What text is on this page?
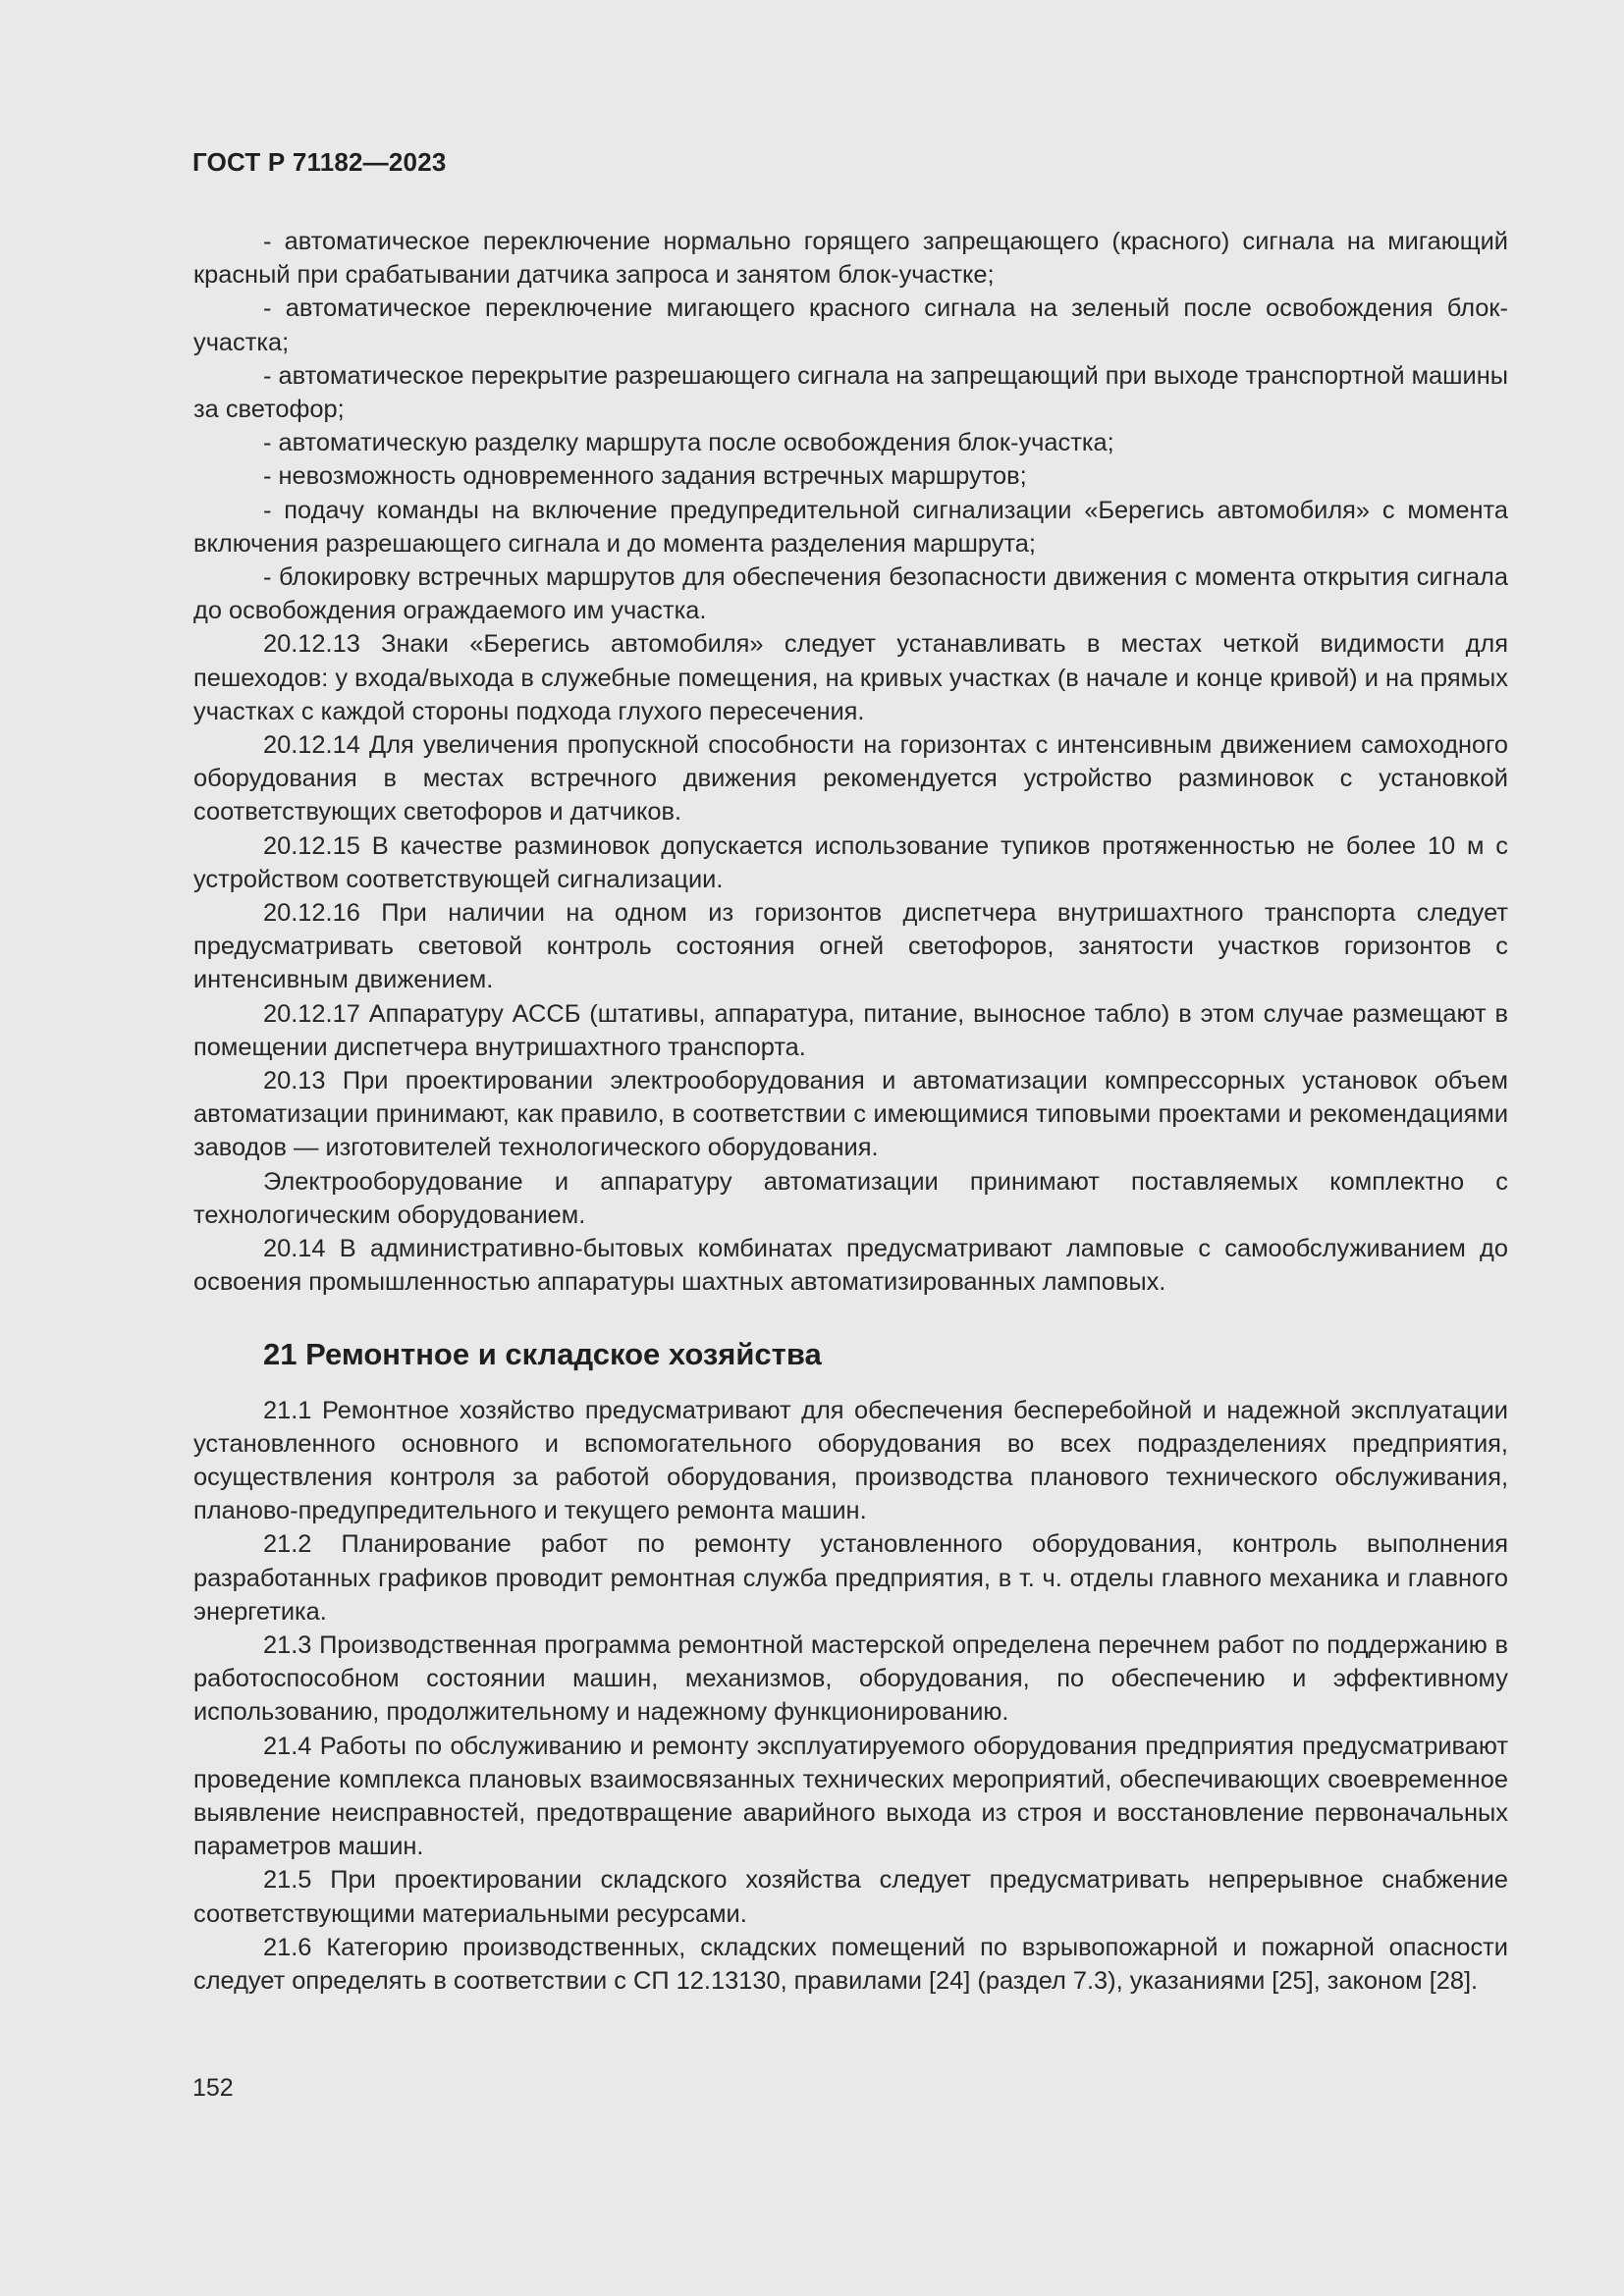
ГОСТ Р 71182—2023

- автоматическое переключение нормально горящего запрещающего (красного) сигнала на мигающий красный при срабатывании датчика запроса и занятом блок-участке;

- автоматическое переключение мигающего красного сигнала на зеленый после освобождения блок-участка;

- автоматическое перекрытие разрешающего сигнала на запрещающий при выходе транспортной машины за светофор;

- автоматическую разделку маршрута после освобождения блок-участка;

- невозможность одновременного задания встречных маршрутов;

- подачу команды на включение предупредительной сигнализации «Берегись автомобиля» с момента включения разрешающего сигнала и до момента разделения маршрута;

- блокировку встречных маршрутов для обеспечения безопасности движения с момента открытия сигнала до освобождения ограждаемого им участка.

20.12.13 Знаки «Берегись автомобиля» следует устанавливать в местах четкой видимости для пешеходов: у входа/выхода в служебные помещения, на кривых участках (в начале и конце кривой) и на прямых участках с каждой стороны подхода глухого пересечения.

20.12.14 Для увеличения пропускной способности на горизонтах с интенсивным движением самоходного оборудования в местах встречного движения рекомендуется устройство разминовок с установкой соответствующих светофоров и датчиков.

20.12.15 В качестве разминовок допускается использование тупиков протяженностью не более 10 м с устройством соответствующей сигнализации.

20.12.16 При наличии на одном из горизонтов диспетчера внутришахтного транспорта следует предусматривать световой контроль состояния огней светофоров, занятости участков горизонтов с интенсивным движением.

20.12.17 Аппаратуру АССБ (штативы, аппаратура, питание, выносное табло) в этом случае размещают в помещении диспетчера внутришахтного транспорта.

20.13 При проектировании электрооборудования и автоматизации компрессорных установок объем автоматизации принимают, как правило, в соответствии с имеющимися типовыми проектами и рекомендациями заводов — изготовителей технологического оборудования.

Электрооборудование и аппаратуру автоматизации принимают поставляемых комплектно с технологическим оборудованием.

20.14 В административно-бытовых комбинатах предусматривают ламповые с самообслуживанием до освоения промышленностью аппаратуры шахтных автоматизированных ламповых.

21 Ремонтное и складское хозяйства

21.1 Ремонтное хозяйство предусматривают для обеспечения бесперебойной и надежной эксплуатации установленного основного и вспомогательного оборудования во всех подразделениях предприятия, осуществления контроля за работой оборудования, производства планового технического обслуживания, планово-предупредительного и текущего ремонта машин.

21.2 Планирование работ по ремонту установленного оборудования, контроль выполнения разработанных графиков проводит ремонтная служба предприятия, в т. ч. отделы главного механика и главного энергетика.

21.3 Производственная программа ремонтной мастерской определена перечнем работ по поддержанию в работоспособном состоянии машин, механизмов, оборудования, по обеспечению и эффективному использованию, продолжительному и надежному функционированию.

21.4 Работы по обслуживанию и ремонту эксплуатируемого оборудования предприятия предусматривают проведение комплекса плановых взаимосвязанных технических мероприятий, обеспечивающих своевременное выявление неисправностей, предотвращение аварийного выхода из строя и восстановление первоначальных параметров машин.

21.5 При проектировании складского хозяйства следует предусматривать непрерывное снабжение соответствующими материальными ресурсами.

21.6 Категорию производственных, складских помещений по взрывопожарной и пожарной опасности следует определять в соответствии с СП 12.13130, правилами [24] (раздел 7.3), указаниями [25], законом [28].

152
